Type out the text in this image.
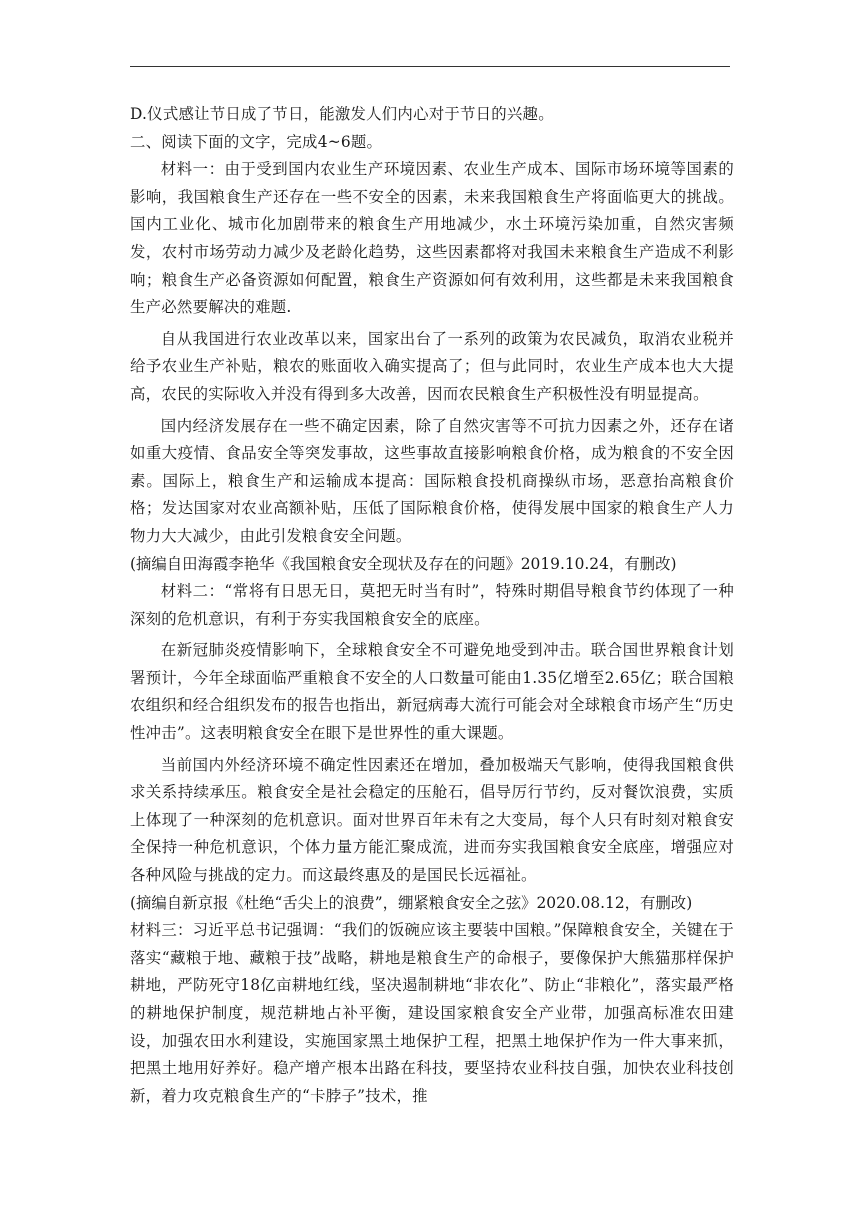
D.仪式感让节日成了节日，能激发人们内心对于节日的兴趣。

二、阅读下面的文字，完成4~6题。

材料一：由于受到国内农业生产环境因素、农业生产成本、国际市场环境等国素的影响，我国粮食生产还存在一些不安全的因素，未来我国粮食生产将面临更大的挑战。国内工业化、城市化加剧带来的粮食生产用地减少，水土环境污染加重，自然灾害频发，农村市场劳动力减少及老龄化趋势，这些因素都将对我国未来粮食生产造成不利影响；粮食生产必备资源如何配置，粮食生产资源如何有效利用，这些都是未来我国粮食生产必然要解决的难题.

自从我国进行农业改革以来，国家出台了一系列的政策为农民减负，取消农业税并给予农业生产补贴，粮农的账面收入确实提高了；但与此同时，农业生产成本也大大提高，农民的实际收入并没有得到多大改善，因而农民粮食生产积极性没有明显提高。

国内经济发展存在一些不确定因素，除了自然灾害等不可抗力因素之外，还存在诸如重大疫情、食品安全等突发事故，这些事故直接影响粮食价格，成为粮食的不安全因素。国际上，粮食生产和运输成本提高：国际粮食投机商操纵市场，恶意抬高粮食价格；发达国家对农业高额补贴，压低了国际粮食价格，使得发展中国家的粮食生产人力物力大大减少，由此引发粮食安全问题。

(摘编自田海霞李艳华《我国粮食安全现状及存在的问题》2019.10.24，有删改)

材料二：“常将有日思无日，莫把无时当有时”，特殊时期倡导粮食节约体现了一种深刻的危机意识，有利于夯实我国粮食安全的底座。

在新冠肺炎疫情影响下，全球粮食安全不可避免地受到冲击。联合国世界粮食计划署预计，今年全球面临严重粮食不安全的人口数量可能由1.35亿增至2.65亿；联合国粮农组织和经合组织发布的报告也指出，新冠病毒大流行可能会对全球粮食市场产生“历史性冲击”。这表明粮食安全在眼下是世界性的重大课题。

当前国内外经济环境不确定性因素还在增加，叠加极端天气影响，使得我国粮食供求关系持续承压。粮食安全是社会稳定的压舱石，倡导厉行节约，反对餐饮浪费，实质上体现了一种深刻的危机意识。面对世界百年未有之大变局，每个人只有时刻对粮食安全保持一种危机意识，个体力量方能汇聚成流，进而夯实我国粮食安全底座，增强应对各种风险与挑战的定力。而这最终惠及的是国民长远福祉。

(摘编自新京报《杜绝“舌尖上的浪费”，绷紧粮食安全之弦》2020.08.12，有删改)

材料三：习近平总书记强调：“我们的饭碗应该主要装中国粮。”保障粮食安全，关键在于落实“藏粮于地、藏粮于技”战略，耕地是粮食生产的命根子，要像保护大熊猫那样保护耕地，严防死守18亿亩耕地红线，坚决遏制耕地“非农化”、防止“非粮化”，落实最严格的耕地保护制度，规范耕地占补平衡，建设国家粮食安全产业带，加强高标准农田建设，加强农田水利建设，实施国家黑土地保护工程，把黑土地保护作为一件大事来抓，把黑土地用好养好。稳产增产根本出路在科技，要坚持农业科技自强，加快农业科技创新，着力攻克粮食生产的“卡脖子”技术，推
